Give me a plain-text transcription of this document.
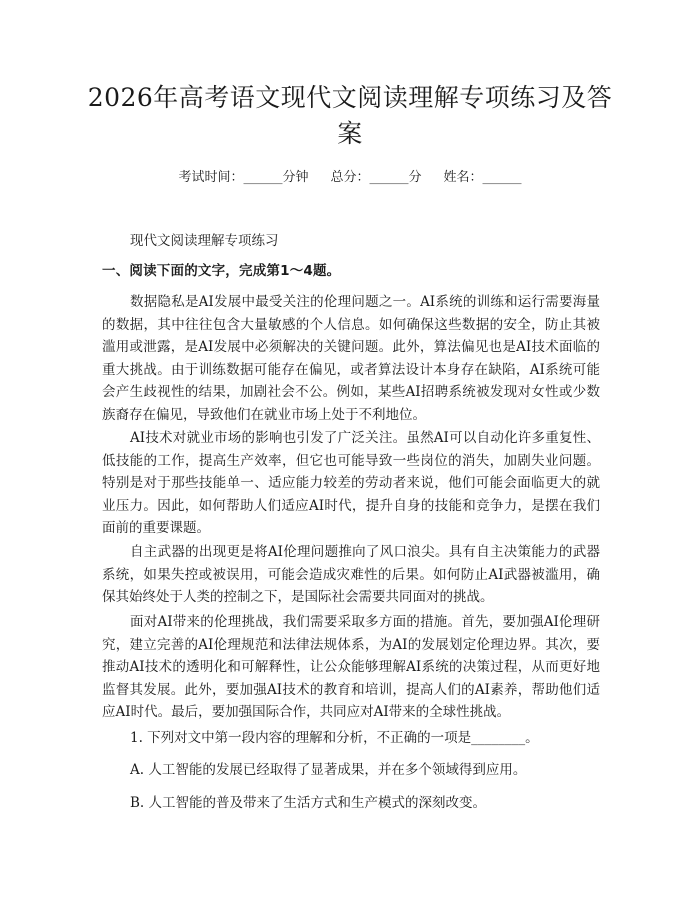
2026年高考语文现代文阅读理解专项练习及答案
考试时间：______分钟 总分：______分 姓名：______
现代文阅读理解专项练习
一、阅读下面的文字，完成第1～4题。

数据隐私是AI发展中最受关注的伦理问题之一。AI系统的训练和运行需要海量的数据，其中往往包含大量敏感的个人信息。如何确保这些数据的安全，防止其被滥用或泄露，是AI发展中必须解决的关键问题。此外，算法偏见也是AI技术面临的重大挑战。由于训练数据可能存在偏见，或者算法设计本身存在缺陷，AI系统可能会产生歧视性的结果，加剧社会不公。例如，某些AI招聘系统被发现对女性或少数族裔存在偏见，导致他们在就业市场上处于不利地位。

AI技术对就业市场的影响也引发了广泛关注。虽然AI可以自动化许多重复性、低技能的工作，提高生产效率，但它也可能导致一些岗位的消失，加剧失业问题。特别是对于那些技能单一、适应能力较差的劳动者来说，他们可能会面临更大的就业压力。因此，如何帮助人们适应AI时代，提升自身的技能和竞争力，是摆在我们面前的重要课题。

自主武器的出现更是将AI伦理问题推向了风口浪尖。具有自主决策能力的武器系统，如果失控或被误用，可能会造成灾难性的后果。如何防止AI武器被滥用，确保其始终处于人类的控制之下，是国际社会需要共同面对的挑战。

面对AI带来的伦理挑战，我们需要采取多方面的措施。首先，要加强AI伦理研究，建立完善的AI伦理规范和法律法规体系，为AI的发展划定伦理边界。其次，要推动AI技术的透明化和可解释性，让公众能够理解AI系统的决策过程，从而更好地监督其发展。此外，要加强AI技术的教育和培训，提高人们的AI素养，帮助他们适应AI时代。最后，要加强国际合作，共同应对AI带来的全球性挑战。

1. 下列对文中第一段内容的理解和分析，不正确的一项是________。
A. 人工智能的发展已经取得了显著成果，并在多个领域得到应用。
B. 人工智能的普及带来了生活方式和生产模式的深刻改变。
